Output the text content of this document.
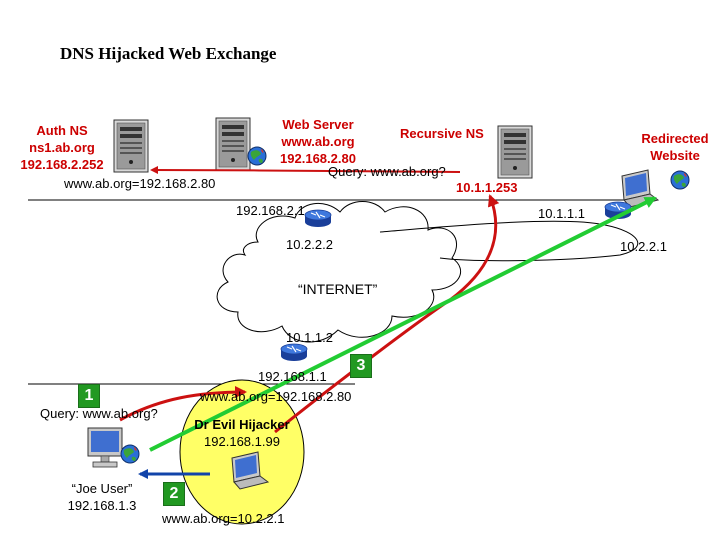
DNS Hijacked Web Exchange
Auth NS
ns1.ab.org
192.168.2.252
Web Server
www.ab.org
192.168.2.80
www.ab.org=192.168.2.80
Recursive NS
Query: www.ab.org?
10.1.1.253
Redirected
Website
192.168.2.1
10.2.2.2
10.1.1.1
10.2.2.1
“INTERNET”
10.1.1.2
192.168.1.1
3
1
2
www.ab.org=192.168.2.80
Query: www.ab.org?
Dr Evil Hijacker
192.168.1.99
“Joe User”
192.168.1.3
www.ab.org=10.2.2.1
